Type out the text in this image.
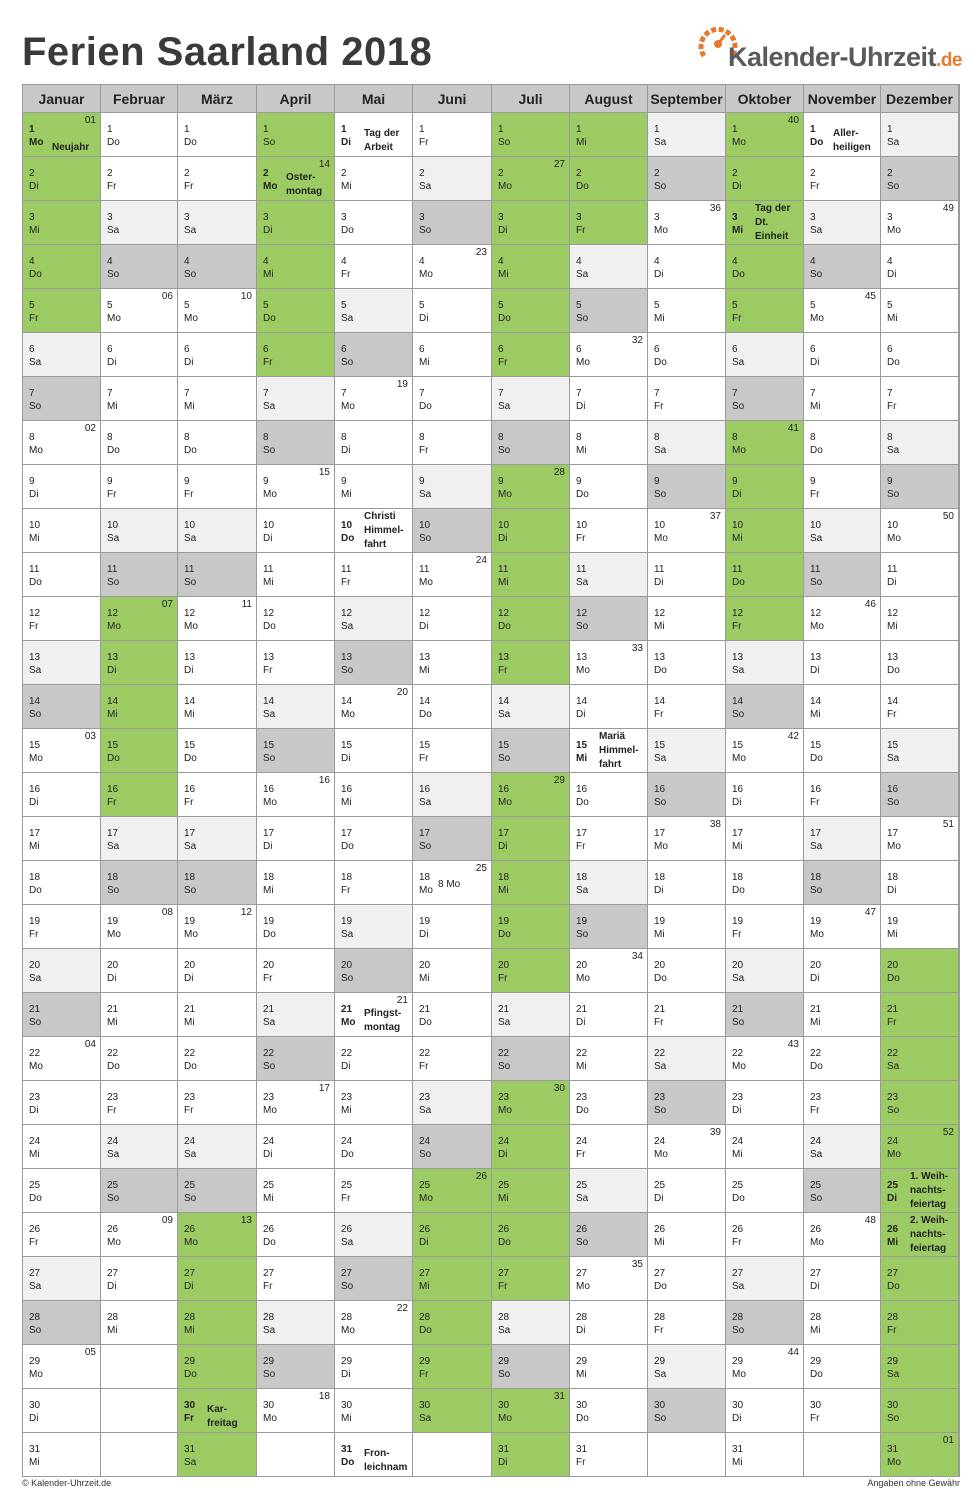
Ferien Saarland 2018	Kalender-Uhrzeit.de
Januar
01
Neujahr
1
Mo
2
Di
3
Mi
4
Do
5
Fr
6
Sa
7
So
02
8
Mo
9
Di
10
Mi
11
Do
12
Fr
13
Sa
14
So
03
15
Mo
16
Di
17
Mi
18
Do
19
Fr
20
Sa
21
So
04
22
Mo
23
Di
24
Mi
25
Do
26
Fr
27
Sa
28
So
05
29
Mo
30
Di
31
Mi
Februar
1
Do
2
Fr
3
Sa
4
So
06
5
Mo
6
Di
7
Mi
8
Do
9
Fr
10
Sa
11
So
07
12
Mo
13
Di
14
Mi
15
Do
16
Fr
17
Sa
18
So
08
19
Mo
20
Di
21
Mi
22
Do
23
Fr
24
Sa
25
So
09
26
Mo
27
Di
28
Mi
März
1
Do
2
Fr
3
Sa
4
So
10
5
Mo
6
Di
7
Mi
8
Do
9
Fr
10
Sa
11
So
11
12
Mo
13
Di
14
Mi
15
Do
16
Fr
17
Sa
18
So
12
19
Mo
20
Di
21
Mi
22
Do
23
Fr
24
Sa
25
So
13
26
Mo
27
Di
28
Mi
29
Do
Kar-
freitag
30
Fr
31
Sa
April
1
So
14
Oster-
montag
2
Mo
3
Di
4
Mi
5
Do
6
Fr
7
Sa
8
So
15
9
Mo
10
Di
11
Mi
12
Do
13
Fr
14
Sa
15
So
16
16
Mo
17
Di
18
Mi
19
Do
20
Fr
21
Sa
22
So
17
23
Mo
24
Di
25
Mi
26
Do
27
Fr
28
Sa
29
So
18
30
Mo
Mai
Tag der
Arbeit
1
Di
2
Mi
3
Do
4
Fr
5
Sa
6
So
19
7
Mo
8
Di
9
Mi
Christi
Himmel-
fahrt
10
Do
11
Fr
12
Sa
13
So
20
14
Mo
15
Di
16
Mi
17
Do
18
Fr
19
Sa
20
So
21
Pfingst-
montag
21
Mo
22
Di
23
Mi
24
Do
25
Fr
26
Sa
27
So
22
28
Mo
29
Di
30
Mi
Fron-
leichnam
31
Do
Juni
1
Fr
2
Sa
3
So
23
4
Mo
5
Di
6
Mi
7
Do
8
Fr
9
Sa
10
So
24
11
Mo
12
Di
13
Mi
14
Do
15
Fr
16
Sa
17
So
25
8 Mo
18
Mo
19
Di
20
Mi
21
Do
22
Fr
23
Sa
24
So
26
25
Mo
26
Di
27
Mi
28
Do
29
Fr
30
Sa
Juli
1
So
27
2
Mo
3
Di
4
Mi
5
Do
6
Fr
7
Sa
8
So
28
9
Mo
10
Di
11
Mi
12
Do
13
Fr
14
Sa
15
So
29
16
Mo
17
Di
18
Mi
19
Do
20
Fr
21
Sa
22
So
30
23
Mo
24
Di
25
Mi
26
Do
27
Fr
28
Sa
29
So
31
30
Mo
31
Di
August
1
Mi
2
Do
3
Fr
4
Sa
5
So
32
6
Mo
7
Di
8
Mi
9
Do
10
Fr
11
Sa
12
So
33
13
Mo
14
Di
Mariä
Himmel-
fahrt
15
Mi
16
Do
17
Fr
18
Sa
19
So
34
20
Mo
21
Di
22
Mi
23
Do
24
Fr
25
Sa
26
So
35
27
Mo
28
Di
29
Mi
30
Do
31
Fr
September
1
Sa
2
So
36
3
Mo
4
Di
5
Mi
6
Do
7
Fr
8
Sa
9
So
37
10
Mo
11
Di
12
Mi
13
Do
14
Fr
15
Sa
16
So
38
17
Mo
18
Di
19
Mi
20
Do
21
Fr
22
Sa
23
So
39
24
Mo
25
Di
26
Mi
27
Do
28
Fr
29
Sa
30
So
Oktober
40
1
Mo
2
Di
Tag der
Dt.
Einheit
3
Mi
4
Do
5
Fr
6
Sa
7
So
41
8
Mo
9
Di
10
Mi
11
Do
12
Fr
13
Sa
14
So
42
15
Mo
16
Di
17
Mi
18
Do
19
Fr
20
Sa
21
So
43
22
Mo
23
Di
24
Mi
25
Do
26
Fr
27
Sa
28
So
44
29
Mo
30
Di
31
Mi
November
Aller-
heiligen
1
Do
2
Fr
3
Sa
4
So
45
5
Mo
6
Di
7
Mi
8
Do
9
Fr
10
Sa
11
So
46
12
Mo
13
Di
14
Mi
15
Do
16
Fr
17
Sa
18
So
47
19
Mo
20
Di
21
Mi
22
Do
23
Fr
24
Sa
25
So
48
26
Mo
27
Di
28
Mi
29
Do
30
Fr
Dezember
1
Sa
2
So
49
3
Mo
4
Di
5
Mi
6
Do
7
Fr
8
Sa
9
So
50
10
Mo
11
Di
12
Mi
13
Do
14
Fr
15
Sa
16
So
51
17
Mo
18
Di
19
Mi
20
Do
21
Fr
22
Sa
23
So
52
24
Mo
1. Weih-
nachts-
feiertag
25
Di
2. Weih-
nachts-
feiertag
26
Mi
27
Do
28
Fr
29
Sa
30
So
01
31
Mo
© Kalender-Uhrzeit.de	Angaben ohne Gewähr
